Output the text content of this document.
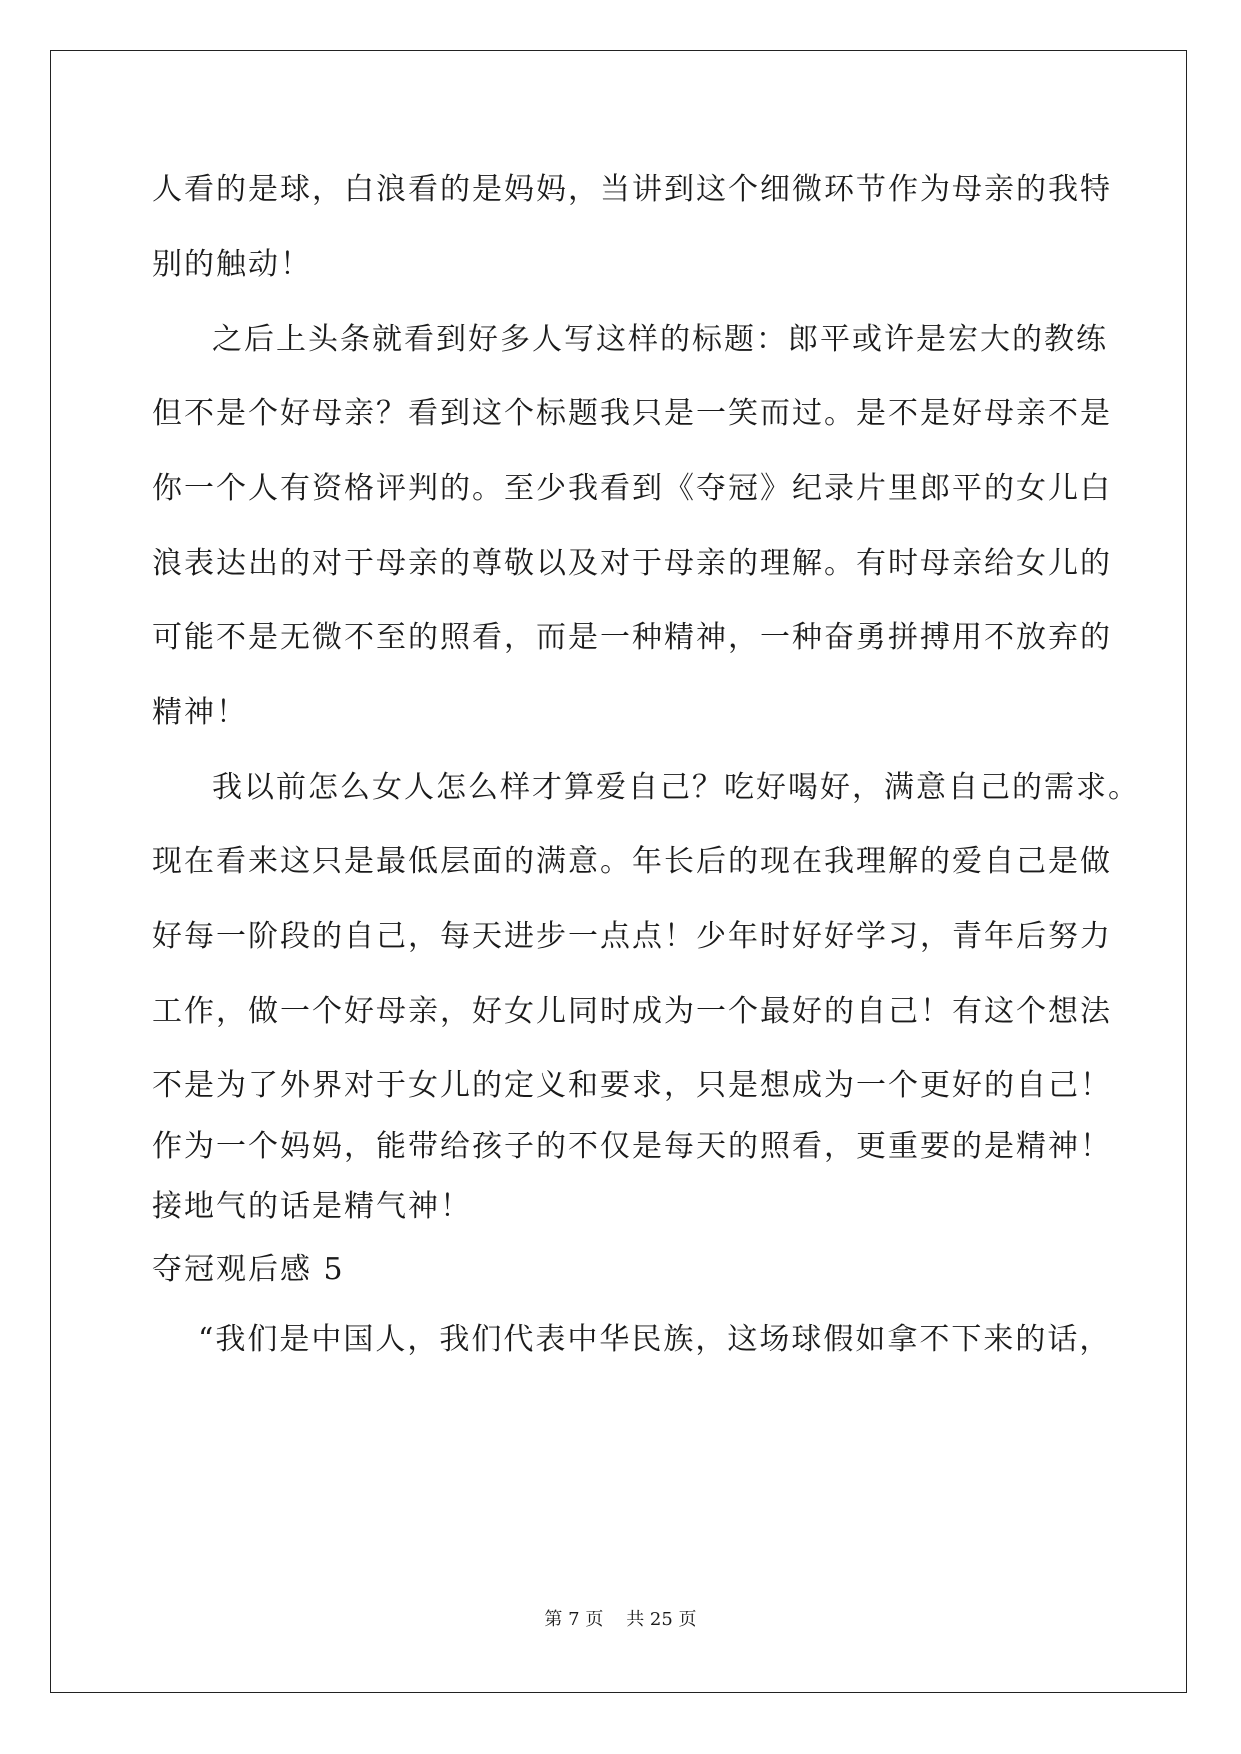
人看的是球，白浪看的是妈妈，当讲到这个细微环节作为母亲的我特
别的触动！
之后上头条就看到好多人写这样的标题：郎平或许是宏大的教练
但不是个好母亲？看到这个标题我只是一笑而过。是不是好母亲不是
你一个人有资格评判的。至少我看到《夺冠》纪录片里郎平的女儿白
浪表达出的对于母亲的尊敬以及对于母亲的理解。有时母亲给女儿的
可能不是无微不至的照看，而是一种精神，一种奋勇拼搏用不放弃的
精神！
我以前怎么女人怎么样才算爱自己？吃好喝好，满意自己的需求。
现在看来这只是最低层面的满意。年长后的现在我理解的爱自己是做
好每一阶段的自己，每天进步一点点！少年时好好学习，青年后努力
工作，做一个好母亲，好女儿同时成为一个最好的自己！有这个想法
不是为了外界对于女儿的定义和要求，只是想成为一个更好的自己！
作为一个妈妈，能带给孩子的不仅是每天的照看，更重要的是精神！
接地气的话是精气神！
夺冠观后感 5
“我们是中国人，我们代表中华民族，这场球假如拿不下来的话，
第 7 页    共 25 页
